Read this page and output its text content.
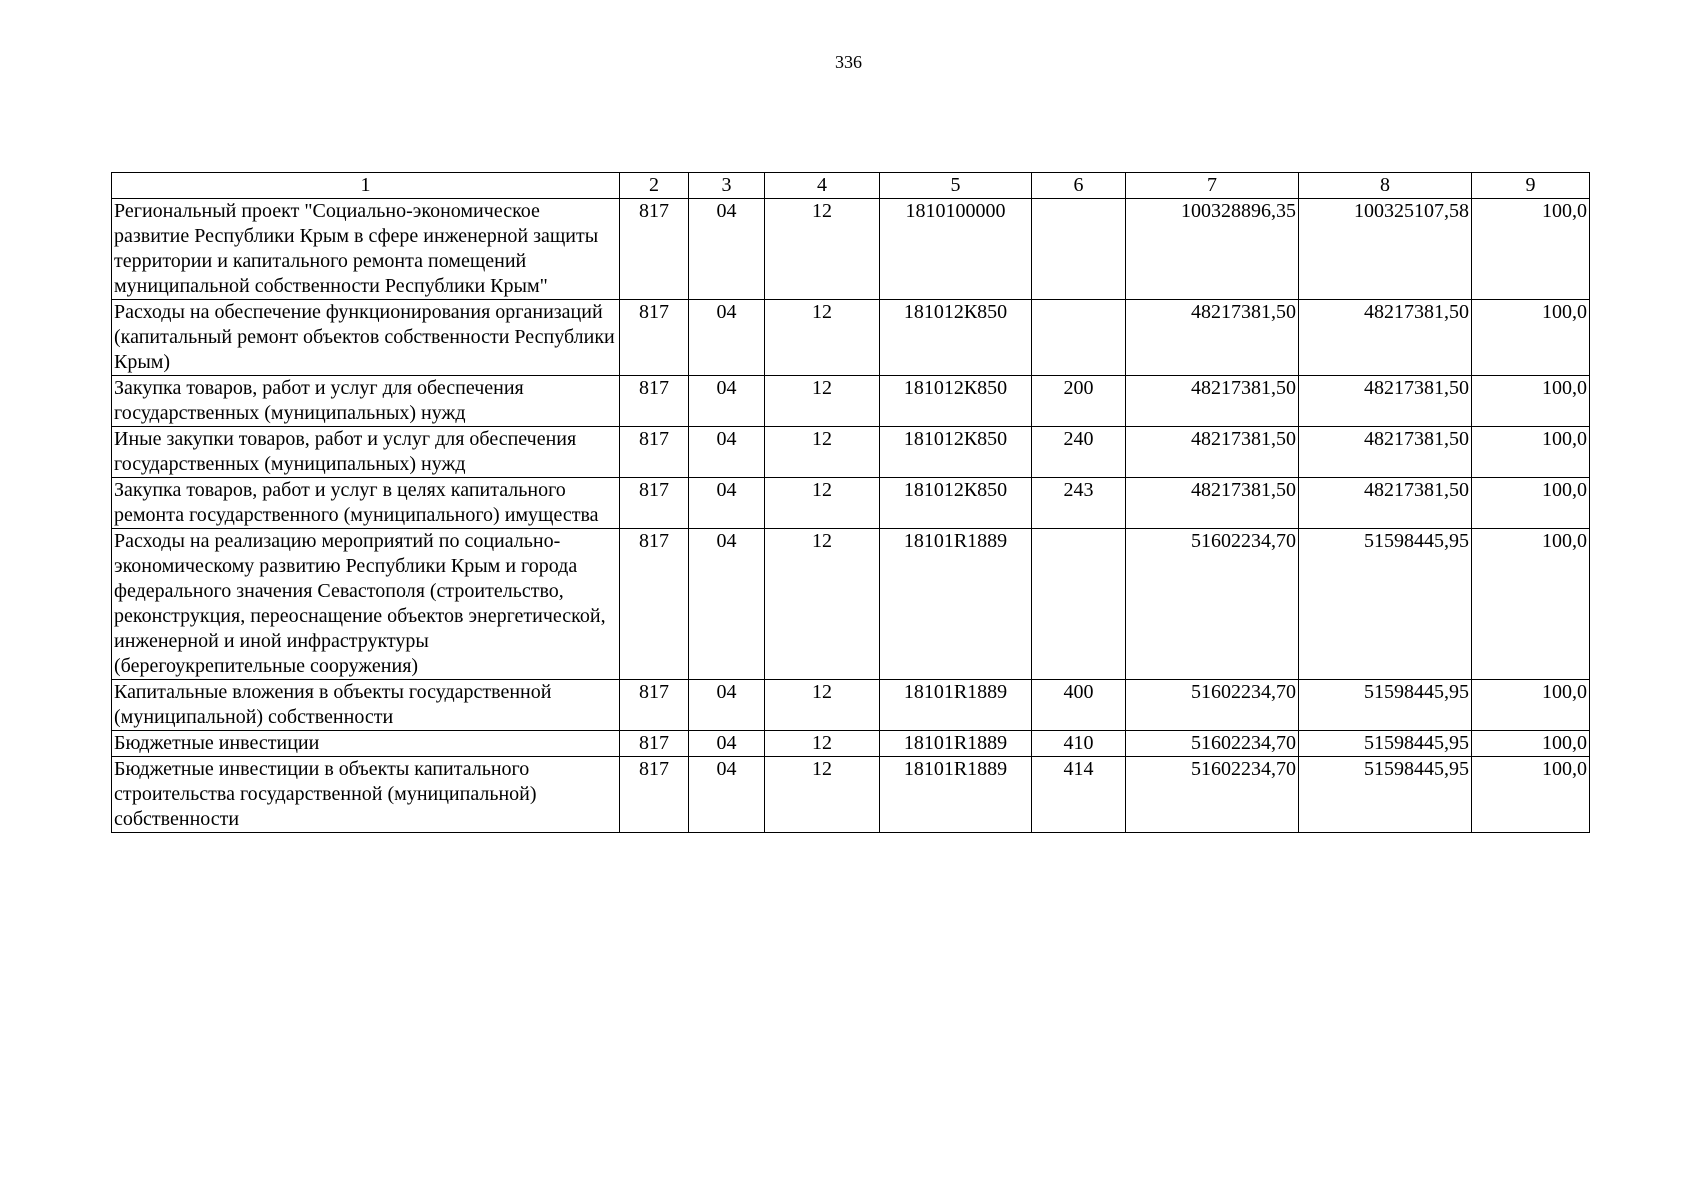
336
1	2	3	4	5	6	7	8	9
Региональный проект "Социально-экономическое развитие Республики Крым в сфере инженерной защиты территории и капитального ремонта помещений муниципальной собственности Республики Крым"	817	04	12	1810100000		100328896,35	100325107,58	100,0
Расходы на обеспечение функционирования организаций (капитальный ремонт объектов собственности Республики Крым)	817	04	12	181012К850		48217381,50	48217381,50	100,0
Закупка товаров, работ и услуг для обеспечения государственных (муниципальных) нужд	817	04	12	181012К850	200	48217381,50	48217381,50	100,0
Иные закупки товаров, работ и услуг для обеспечения государственных (муниципальных) нужд	817	04	12	181012К850	240	48217381,50	48217381,50	100,0
Закупка товаров, работ и услуг в целях капитального ремонта государственного (муниципального) имущества	817	04	12	181012К850	243	48217381,50	48217381,50	100,0
Расходы на реализацию мероприятий по социально-экономическому развитию Республики Крым и города федерального значения Севастополя (строительство, реконструкция, переоснащение объектов энергетической, инженерной и иной инфраструктуры (берегоукрепительные сооружения)	817	04	12	18101R1889		51602234,70	51598445,95	100,0
Капитальные вложения в объекты государственной (муниципальной) собственности	817	04	12	18101R1889	400	51602234,70	51598445,95	100,0
Бюджетные инвестиции	817	04	12	18101R1889	410	51602234,70	51598445,95	100,0
Бюджетные инвестиции в объекты капитального строительства государственной (муниципальной) собственности	817	04	12	18101R1889	414	51602234,70	51598445,95	100,0
